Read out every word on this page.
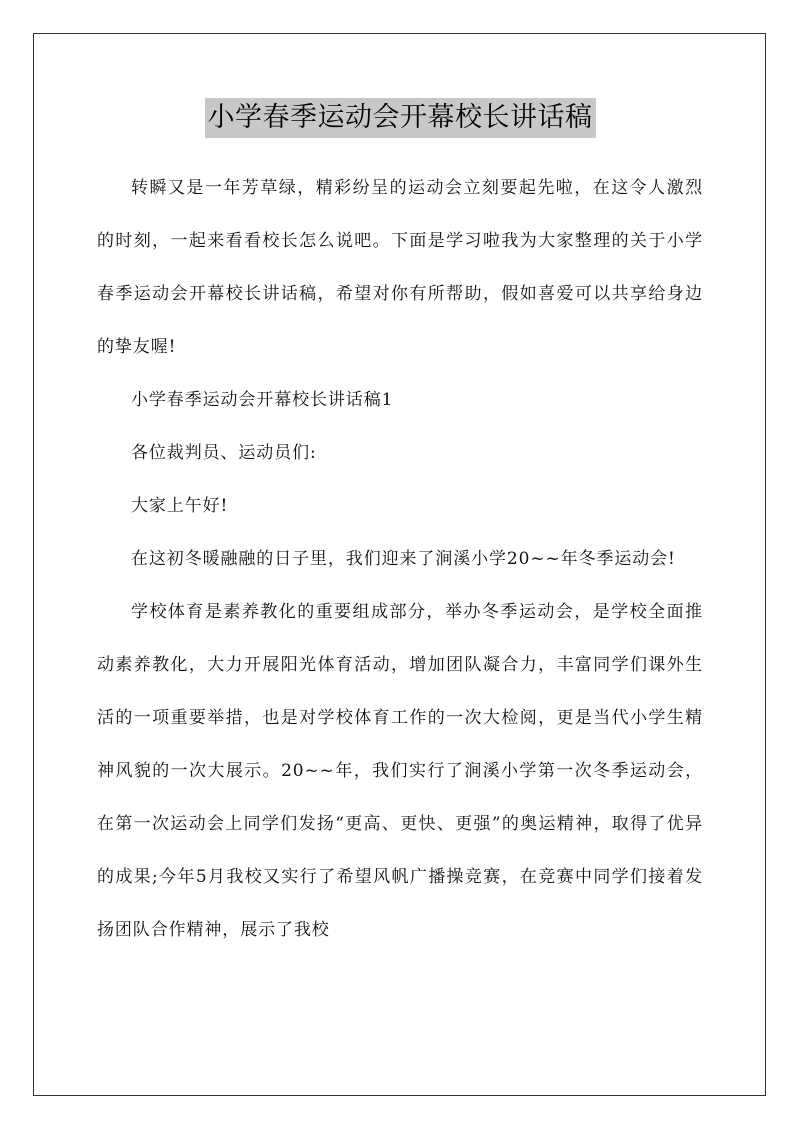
小学春季运动会开幕校长讲话稿

转瞬又是一年芳草绿，精彩纷呈的运动会立刻要起先啦，在这令人激烈的时刻，一起来看看校长怎么说吧。下面是学习啦我为大家整理的关于小学春季运动会开幕校长讲话稿，希望对你有所帮助，假如喜爱可以共享给身边的挚友喔!

小学春季运动会开幕校长讲话稿1

各位裁判员、运动员们:

大家上午好!

在这初冬暖融融的日子里，我们迎来了涧溪小学20~~年冬季运动会!

学校体育是素养教化的重要组成部分，举办冬季运动会，是学校全面推动素养教化，大力开展阳光体育活动，增加团队凝合力，丰富同学们课外生活的一项重要举措，也是对学校体育工作的一次大检阅，更是当代小学生精神风貌的一次大展示。20~~年，我们实行了涧溪小学第一次冬季运动会，在第一次运动会上同学们发扬“更高、更快、更强”的奥运精神，取得了优异的成果;今年5月我校又实行了希望风帆广播操竞赛，在竞赛中同学们接着发扬团队合作精神，展示了我校
